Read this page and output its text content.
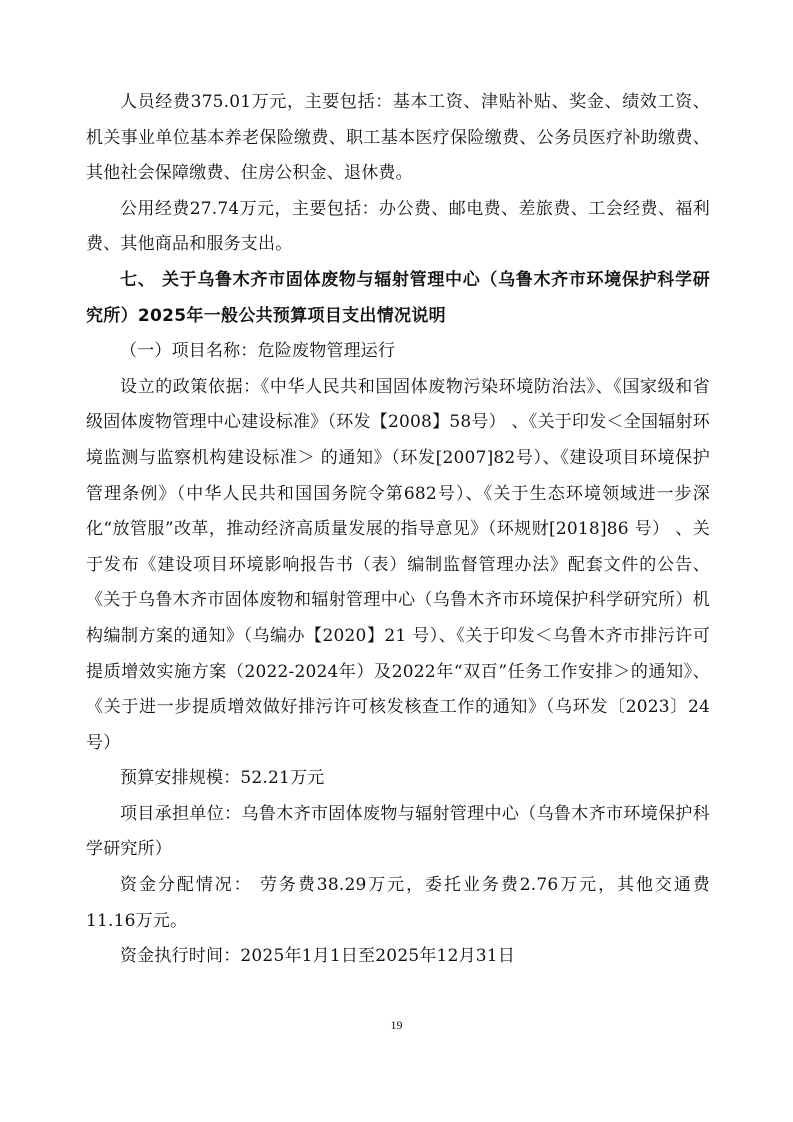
人员经费375.01万元，主要包括：基本工资、津贴补贴、奖金、绩效工资、机关事业单位基本养老保险缴费、职工基本医疗保险缴费、公务员医疗补助缴费、其他社会保障缴费、住房公积金、退休费。

公用经费27.74万元，主要包括：办公费、邮电费、差旅费、工会经费、福利费、其他商品和服务支出。

七、 关于乌鲁木齐市固体废物与辐射管理中心（乌鲁木齐市环境保护科学研究所）2025年一般公共预算项目支出情况说明

（一）项目名称：危险废物管理运行

设立的政策依据：《中华人民共和国固体废物污染环境防治法》、《国家级和省级固体废物管理中心建设标准》（环发【2008】58号） 、《关于印发＜全国辐射环境监测与监察机构建设标准＞ 的通知》（环发[2007]82号）、《建设项目环境保护管理条例》（中华人民共和国国务院令第682号）、《关于生态环境领域进一步深化“放管服”改革，推动经济高质量发展的指导意见》（环规财[2018]86 号） 、关于发布《建设项目环境影响报告书（表）编制监督管理办法》配套文件的公告、《关于乌鲁木齐市固体废物和辐射管理中心（乌鲁木齐市环境保护科学研究所）机构编制方案的通知》（乌编办【2020】21 号）、《关于印发＜乌鲁木齐市排污许可提质增效实施方案（2022-2024年）及2022年“双百”任务工作安排＞的通知》、《关于进一步提质增效做好排污许可核发核查工作的通知》（乌环发〔2023〕24号）

预算安排规模：52.21万元

项目承担单位：乌鲁木齐市固体废物与辐射管理中心（乌鲁木齐市环境保护科学研究所）

资金分配情况： 劳务费38.29万元，委托业务费2.76万元，其他交通费11.16万元。

资金执行时间：2025年1月1日至2025年12月31日

19
